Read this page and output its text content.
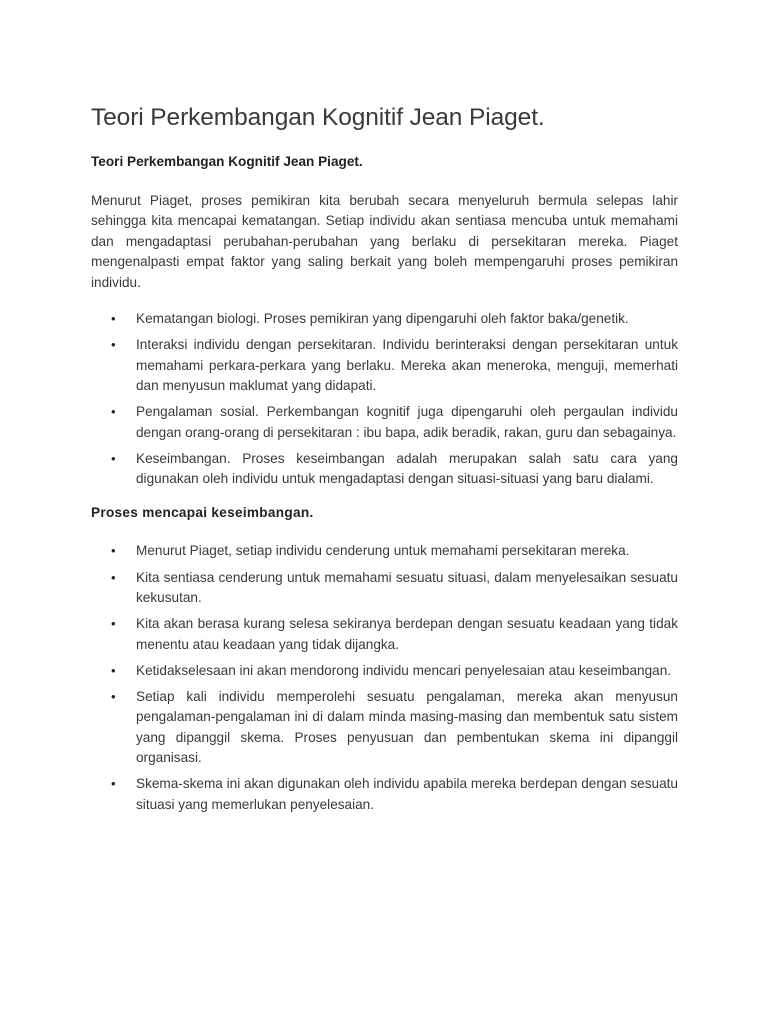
Teori Perkembangan Kognitif Jean Piaget.
Teori Perkembangan Kognitif Jean Piaget.

Menurut Piaget, proses pemikiran kita berubah secara menyeluruh bermula selepas lahir sehingga kita mencapai kematangan. Setiap individu akan sentiasa mencuba untuk memahami dan mengadaptasi perubahan-perubahan yang berlaku di persekitaran mereka. Piaget mengenalpasti empat faktor yang saling berkait yang boleh mempengaruhi proses pemikiran individu.

• Kematangan biologi. Proses pemikiran yang dipengaruhi oleh faktor baka/genetik.
• Interaksi individu dengan persekitaran. Individu berinteraksi dengan persekitaran untuk memahami perkara-perkara yang berlaku. Mereka akan meneroka, menguji, memerhati dan menyusun maklumat yang didapati.
• Pengalaman sosial. Perkembangan kognitif juga dipengaruhi oleh pergaulan individu dengan orang-orang di persekitaran : ibu bapa, adik beradik, rakan, guru dan sebagainya.
• Keseimbangan. Proses keseimbangan adalah merupakan salah satu cara yang digunakan oleh individu untuk mengadaptasi dengan situasi-situasi yang baru dialami.
Proses mencapai keseimbangan.
• Menurut Piaget, setiap individu cenderung untuk memahami persekitaran mereka.
• Kita sentiasa cenderung untuk memahami sesuatu situasi, dalam menyelesaikan sesuatu kekusutan.
• Kita akan berasa kurang selesa sekiranya berdepan dengan sesuatu keadaan yang tidak menentu atau keadaan yang tidak dijangka.
• Ketidakselesaan ini akan mendorong individu mencari penyelesaian atau keseimbangan.
• Setiap kali individu memperolehi sesuatu pengalaman, mereka akan menyusun pengalaman-pengalaman ini di dalam minda masing-masing dan membentuk satu sistem yang dipanggil skema. Proses penyusuan dan pembentukan skema ini dipanggil organisasi.
• Skema-skema ini akan digunakan oleh individu apabila mereka berdepan dengan sesuatu situasi yang memerlukan penyelesaian.
